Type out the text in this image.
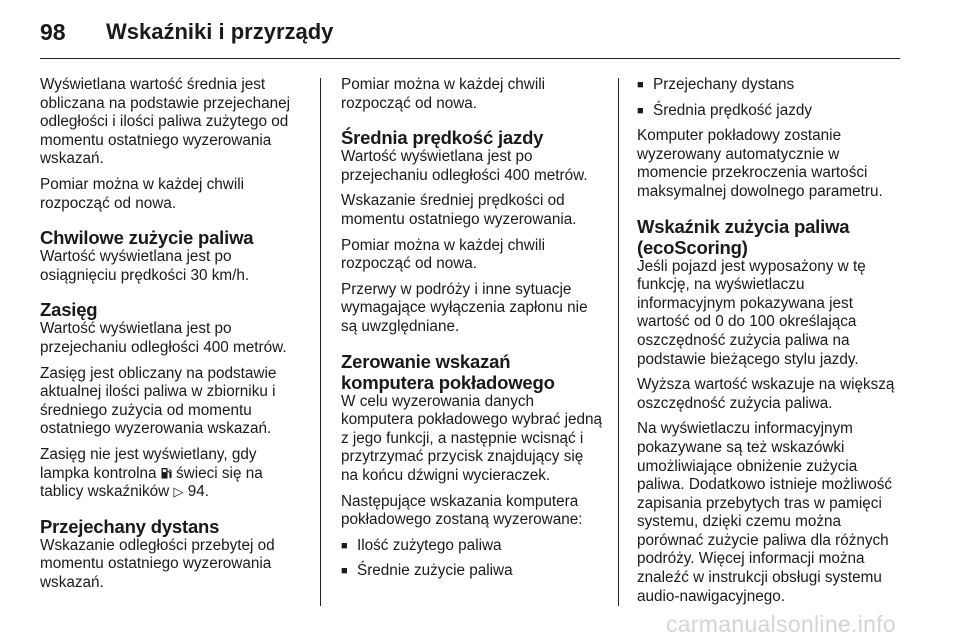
98	Wskaźniki i przyrządy

Wyświetlana wartość średnia jest obliczana na podstawie przejechanej odległości i ilości paliwa zużytego od momentu ostatniego wyzerowania wskazań.

Pomiar można w każdej chwili rozpocząć od nowa.

Chwilowe zużycie paliwa

Wartość wyświetlana jest po osiągnięciu prędkości 30 km/h.

Zasięg

Wartość wyświetlana jest po przejechaniu odległości 400 metrów.

Zasięg jest obliczany na podstawie aktualnej ilości paliwa w zbiorniku i średniego zużycia od momentu ostatniego wyzerowania wskazań.

Zasięg nie jest wyświetlany, gdy lampka kontrolna  świeci się na tablicy wskaźników ▷ 94.

Przejechany dystans

Wskazanie odległości przebytej od momentu ostatniego wyzerowania wskazań.

Pomiar można w każdej chwili rozpocząć od nowa.

Średnia prędkość jazdy

Wartość wyświetlana jest po przejechaniu odległości 400 metrów.

Wskazanie średniej prędkości od momentu ostatniego wyzerowania.

Pomiar można w każdej chwili rozpocząć od nowa.

Przerwy w podróży i inne sytuacje wymagające wyłączenia zapłonu nie są uwzględniane.

Zerowanie wskazań komputera pokładowego

W celu wyzerowania danych komputera pokładowego wybrać jedną z jego funkcji, a następnie wcisnąć i przytrzymać przycisk znajdujący się na końcu dźwigni wycieraczek.

Następujące wskazania komputera pokładowego zostaną wyzerowane:

■ Ilość zużytego paliwa
■ Średnie zużycie paliwa
■ Przejechany dystans
■ Średnia prędkość jazdy

Komputer pokładowy zostanie wyzerowany automatycznie w momencie przekroczenia wartości maksymalnej dowolnego parametru.

Wskaźnik zużycia paliwa (ecoScoring)

Jeśli pojazd jest wyposażony w tę funkcję, na wyświetlaczu informacyjnym pokazywana jest wartość od 0 do 100 określająca oszczędność zużycia paliwa na podstawie bieżącego stylu jazdy.

Wyższa wartość wskazuje na większą oszczędność zużycia paliwa.

Na wyświetlaczu informacyjnym pokazywane są też wskazówki umożliwiające obniżenie zużycia paliwa. Dodatkowo istnieje możliwość zapisania przebytych tras w pamięci systemu, dzięki czemu można porównać zużycie paliwa dla różnych podróży. Więcej informacji można znaleźć w instrukcji obsługi systemu audio-nawigacyjnego.

carmanualsonline.info
